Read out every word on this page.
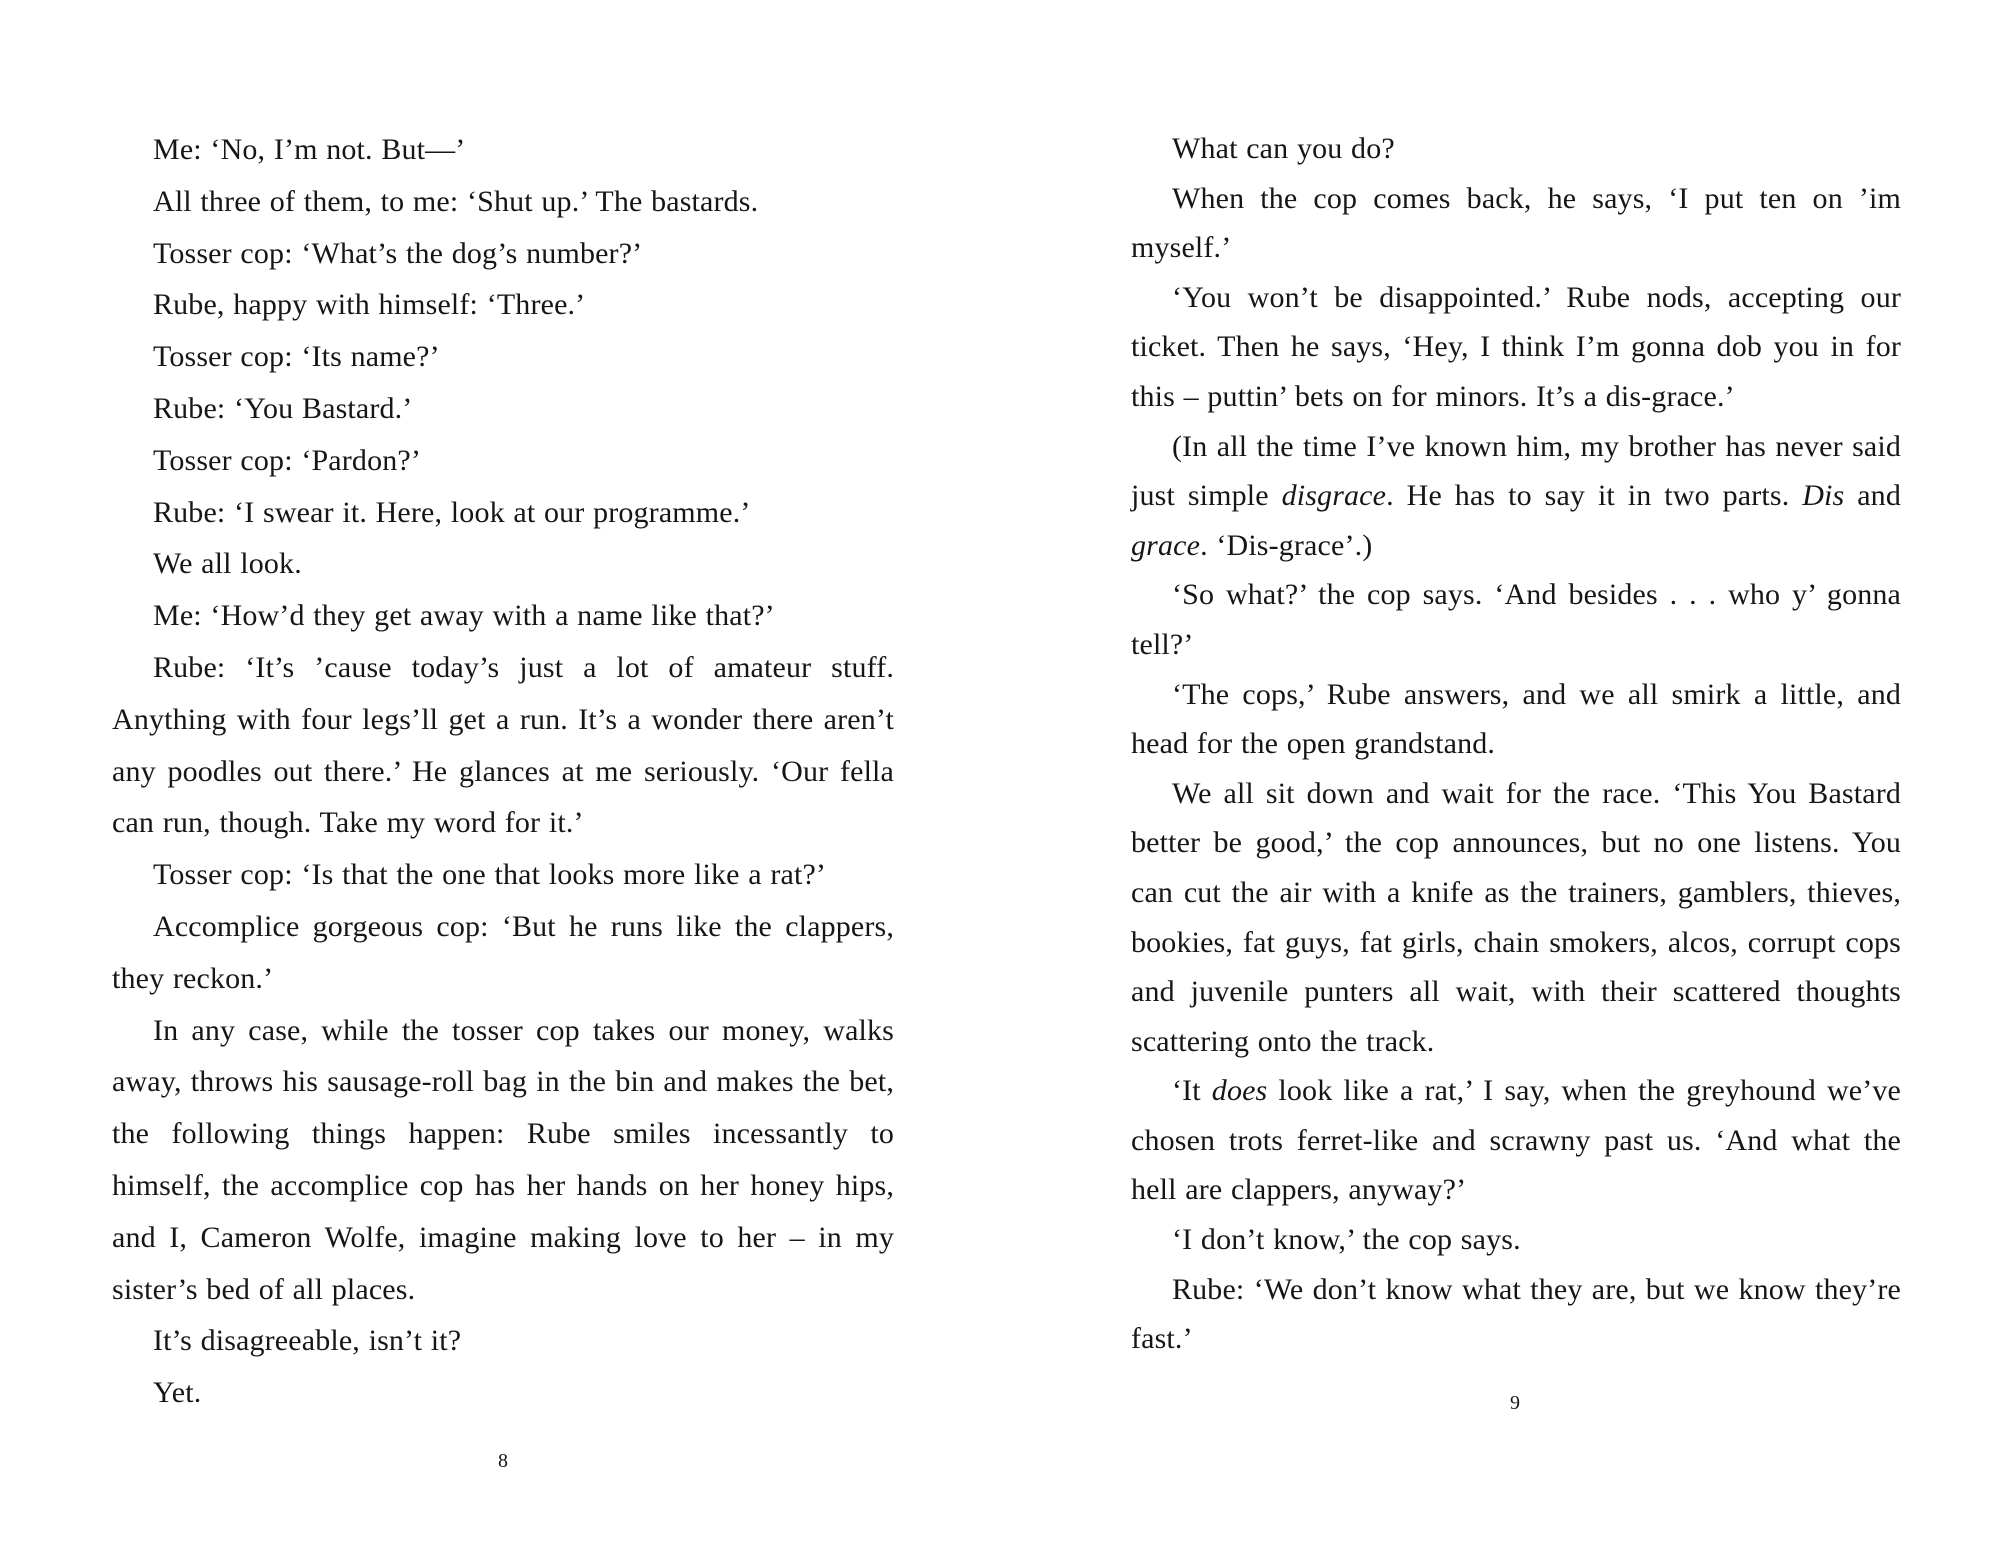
Me: ‘No, I’m not. But—’

All three of them, to me: ‘Shut up.’ The bastards.

Tosser cop: ‘What’s the dog’s number?’

Rube, happy with himself: ‘Three.’

Tosser cop: ‘Its name?’

Rube: ‘You Bastard.’

Tosser cop: ‘Pardon?’

Rube: ‘I swear it. Here, look at our programme.’

We all look.

Me: ‘How’d they get away with a name like that?’

Rube: ‘It’s ’cause today’s just a lot of amateur stuff. Anything with four legs’ll get a run. It’s a wonder there aren’t any poodles out there.’ He glances at me seriously. ‘Our fella can run, though. Take my word for it.’

Tosser cop: ‘Is that the one that looks more like a rat?’

Accomplice gorgeous cop: ‘But he runs like the clappers, they reckon.’

In any case, while the tosser cop takes our money, walks away, throws his sausage-roll bag in the bin and makes the bet, the following things happen: Rube smiles incessantly to himself, the accomplice cop has her hands on her honey hips, and I, Cameron Wolfe, imagine making love to her – in my sister’s bed of all places.

It’s disagreeable, isn’t it?

Yet.

8

What can you do?

When the cop comes back, he says, ‘I put ten on ’im myself.’

‘You won’t be disappointed.’ Rube nods, accepting our ticket. Then he says, ‘Hey, I think I’m gonna dob you in for this – puttin’ bets on for minors. It’s a dis-grace.’

(In all the time I’ve known him, my brother has never said just simple disgrace. He has to say it in two parts. Dis and grace. ‘Dis-grace’.)

‘So what?’ the cop says. ‘And besides . . . who y’ gonna tell?’

‘The cops,’ Rube answers, and we all smirk a little, and head for the open grandstand.

We all sit down and wait for the race. ‘This You Bastard better be good,’ the cop announces, but no one listens. You can cut the air with a knife as the trainers, gamblers, thieves, bookies, fat guys, fat girls, chain smokers, alcos, corrupt cops and juvenile punters all wait, with their scattered thoughts scattering onto the track.

‘It does look like a rat,’ I say, when the greyhound we’ve chosen trots ferret-like and scrawny past us. ‘And what the hell are clappers, anyway?’

‘I don’t know,’ the cop says.

Rube: ‘We don’t know what they are, but we know they’re fast.’

9
